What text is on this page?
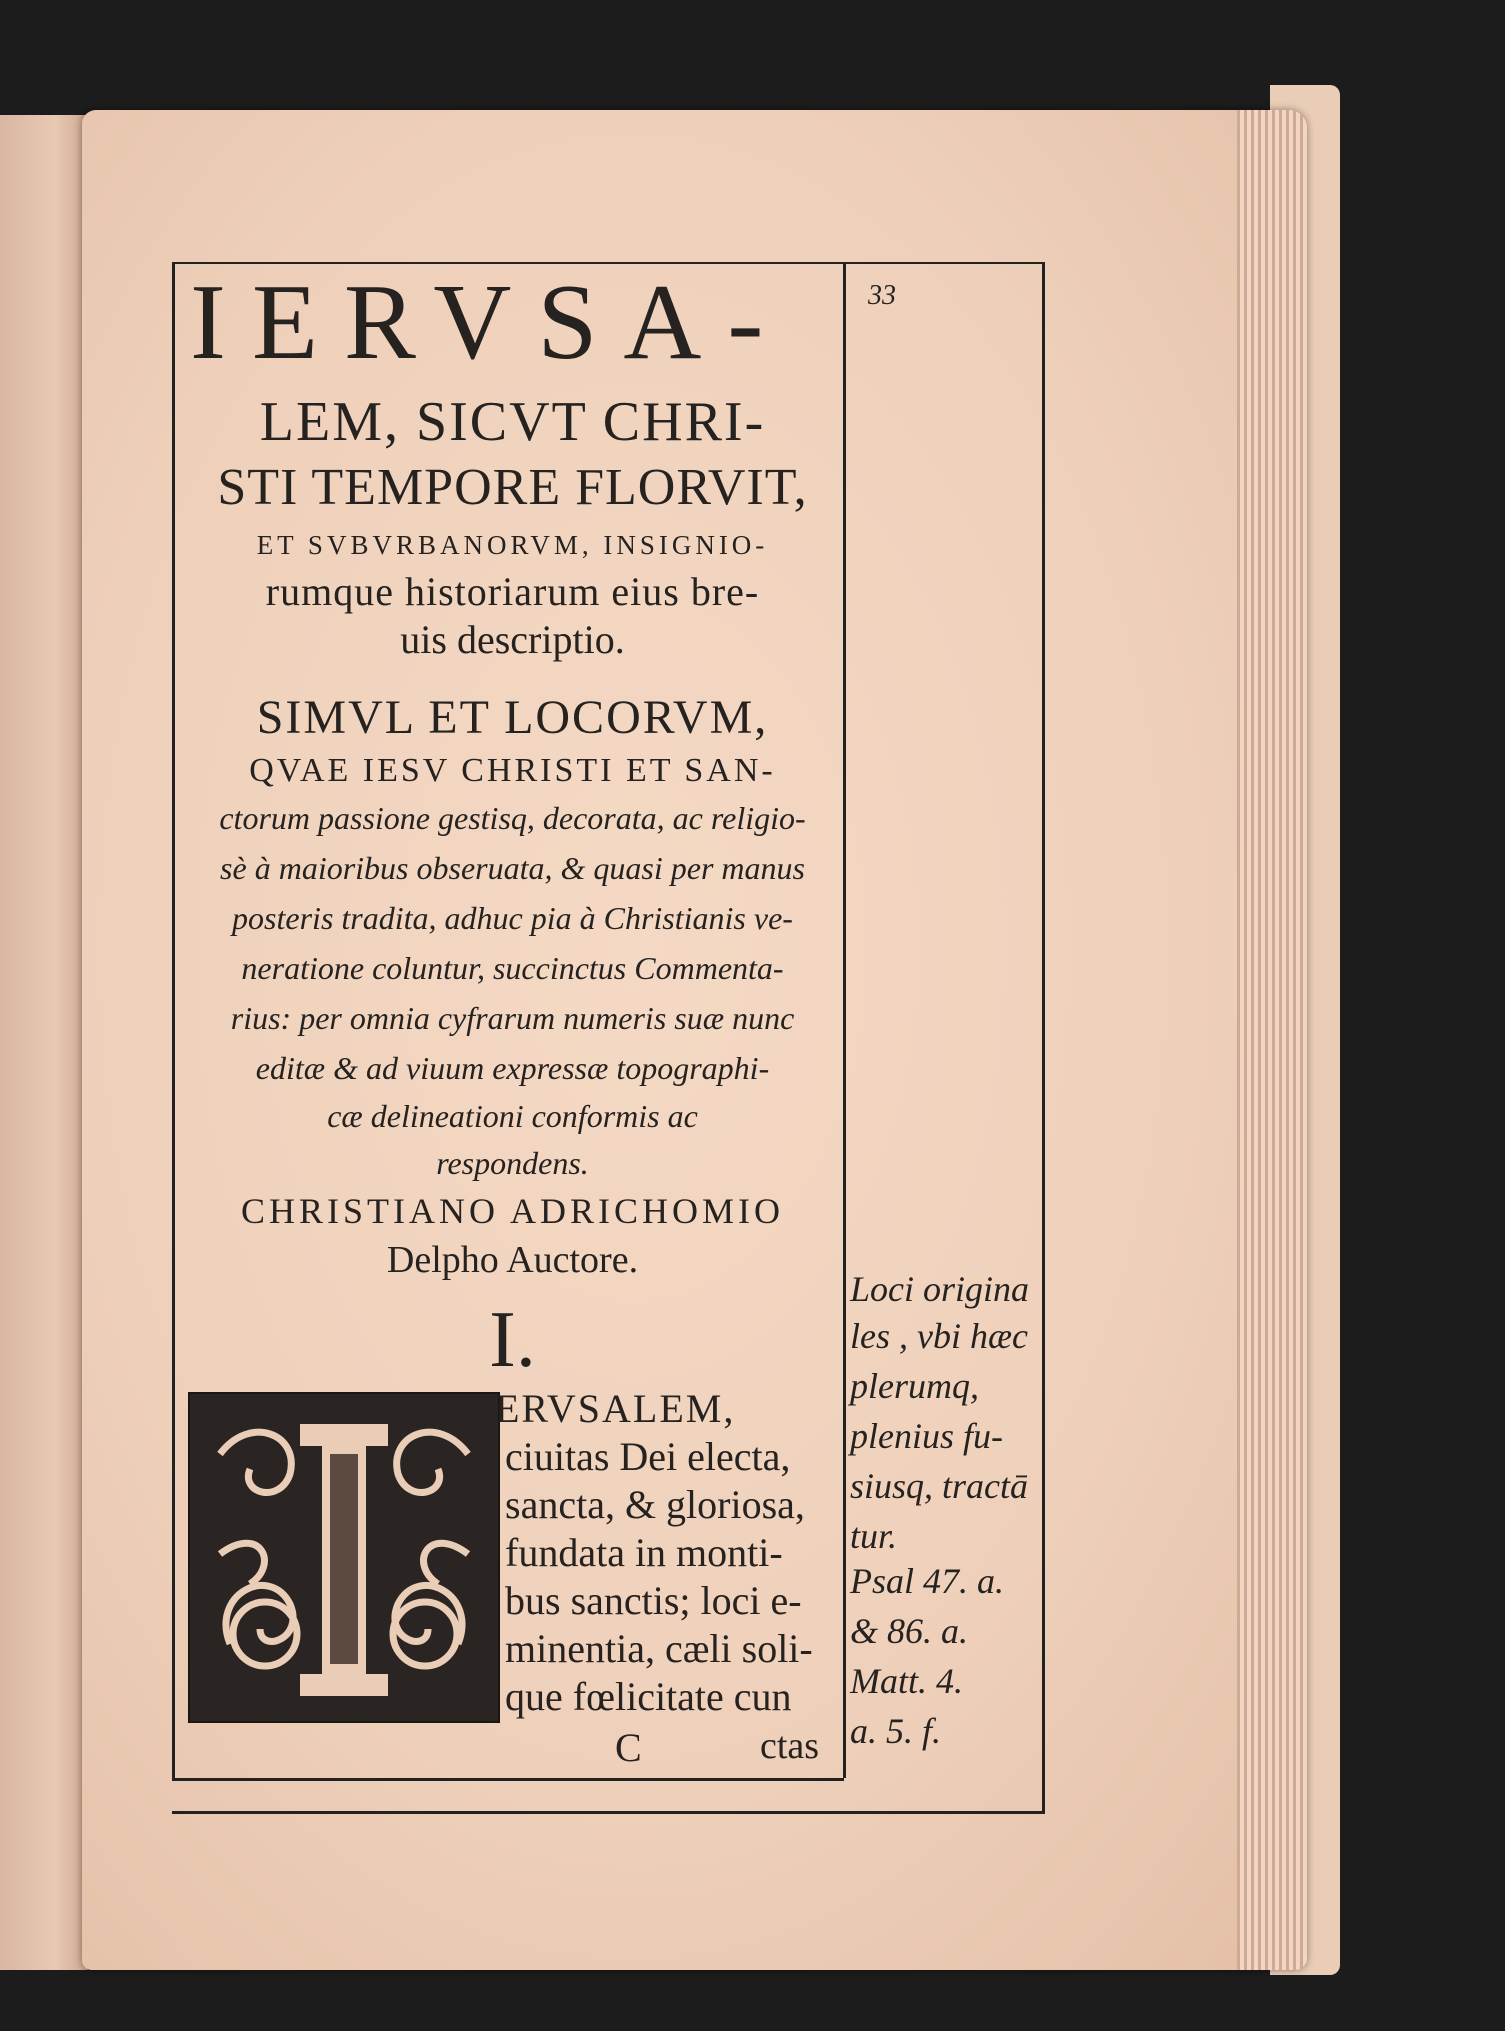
33
IERVSA-
LEM, SICVT CHRI-
STI TEMPORE FLORVIT,
ET SVBVRBANORVM, INSIGNIO-
rumque historiarum eius bre-
uis descriptio.
SIMVL ET LOCORVM,
QVAE IESV CHRISTI ET SAN-
ctorum passione gestisq, decorata, ac religio-
sè à maioribus obseruata, & quasi per manus
posteris tradita, adhuc pia à Christianis ve-
neratione coluntur, succinctus Commenta-
rius: per omnia cyfrarum numeris suæ nunc
editæ & ad viuum expressæ topographi-
cæ delineationi conformis ac
respondens.
CHRISTIANO ADRICHOMIO
Delpho Auctore.
I.
ERVSALEM,
ciuitas Dei electa,
sancta, & gloriosa,
fundata in monti-
bus sanctis; loci e-
minentia, cæli soli-
que fœlicitate cun
C	ctas
Loci origina
les , vbi hæc
plerumq,
plenius fu-
siusq, tractā
tur.
Psal 47. a.
& 86. a.
Matt. 4.
a. 5. f.
